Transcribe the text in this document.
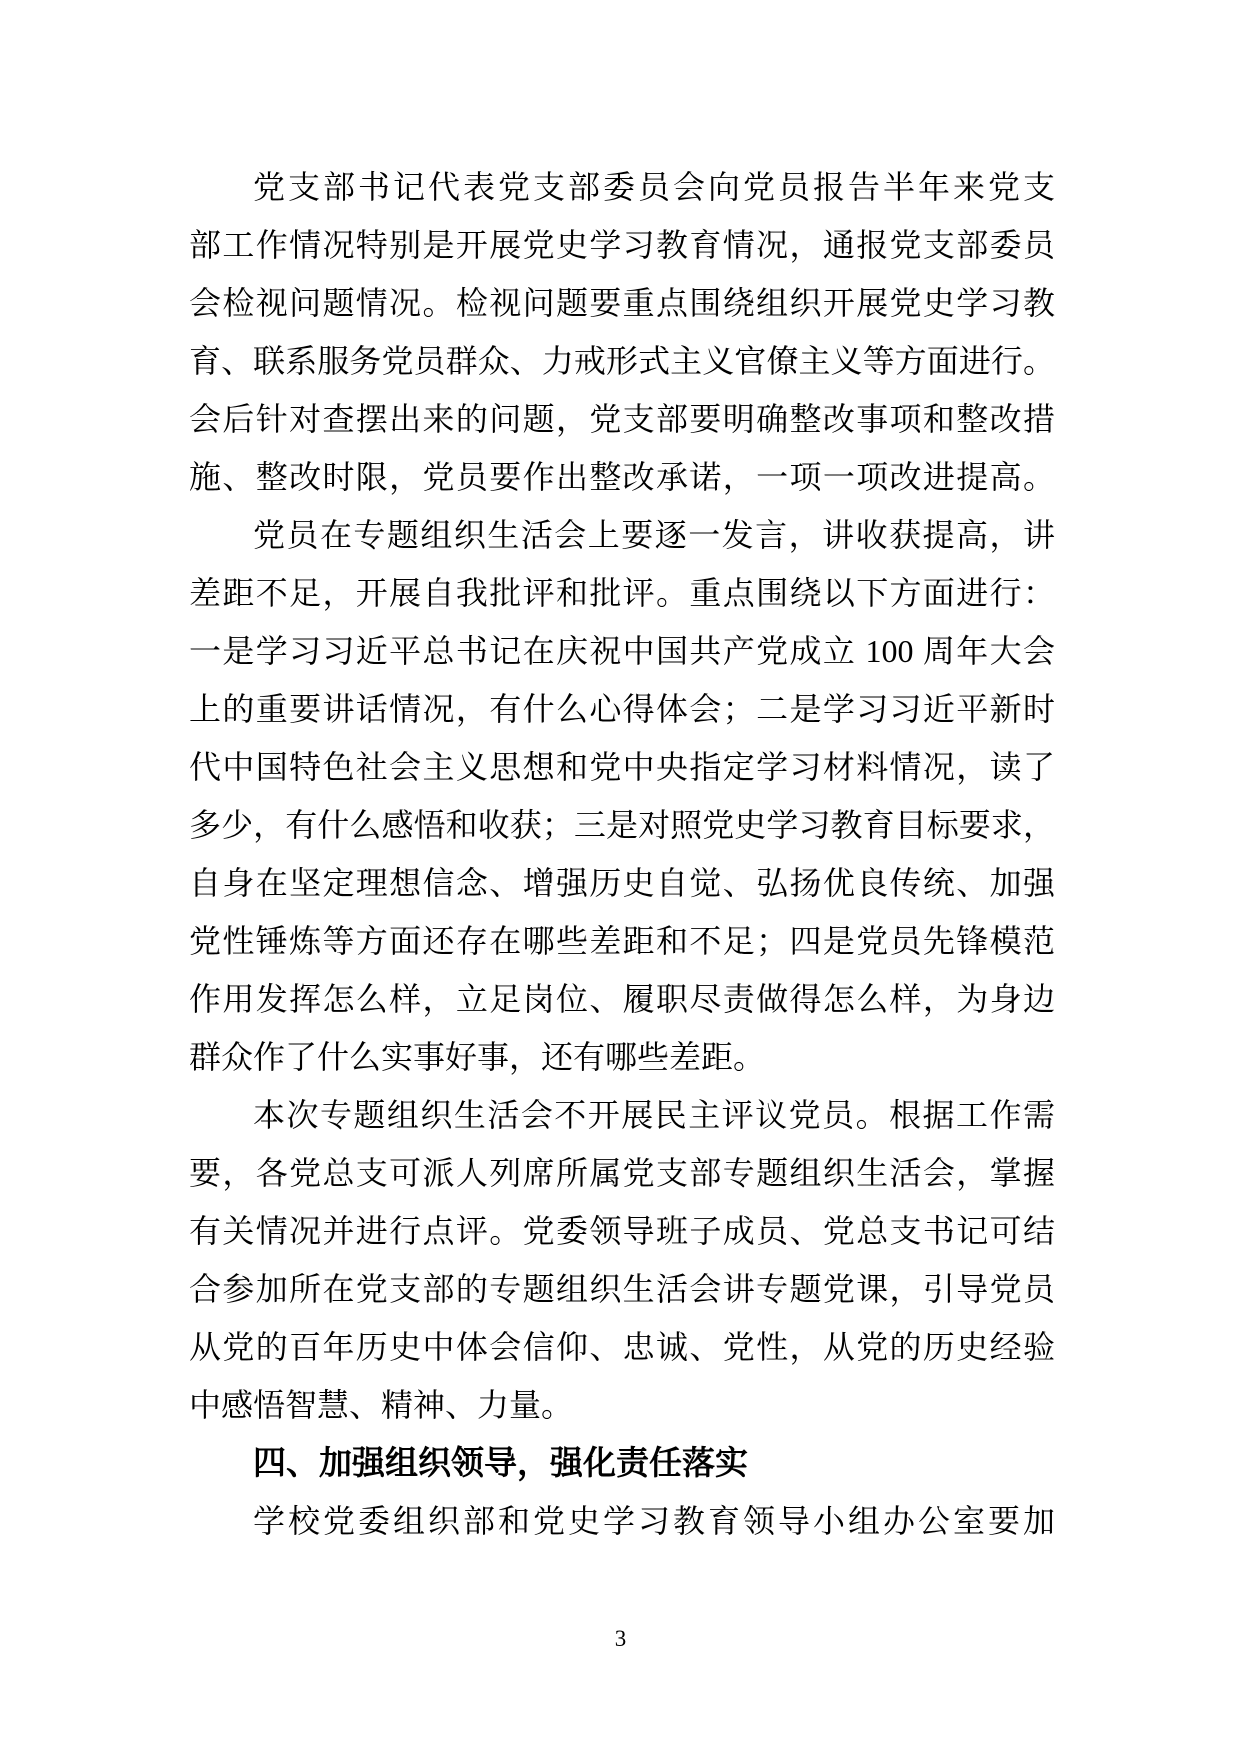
党支部书记代表党支部委员会向党员报告半年来党支
部工作情况特别是开展党史学习教育情况，通报党支部委员
会检视问题情况。检视问题要重点围绕组织开展党史学习教
育、联系服务党员群众、力戒形式主义官僚主义等方面进行。
会后针对查摆出来的问题，党支部要明确整改事项和整改措
施、整改时限，党员要作出整改承诺，一项一项改进提高。
党员在专题组织生活会上要逐一发言，讲收获提高，讲
差距不足，开展自我批评和批评。重点围绕以下方面进行：
一是学习习近平总书记在庆祝中国共产党成立 100 周年大会
上的重要讲话情况，有什么心得体会；二是学习习近平新时
代中国特色社会主义思想和党中央指定学习材料情况，读了
多少，有什么感悟和收获；三是对照党史学习教育目标要求，
自身在坚定理想信念、增强历史自觉、弘扬优良传统、加强
党性锤炼等方面还存在哪些差距和不足；四是党员先锋模范
作用发挥怎么样，立足岗位、履职尽责做得怎么样，为身边
群众作了什么实事好事，还有哪些差距。
本次专题组织生活会不开展民主评议党员。根据工作需
要，各党总支可派人列席所属党支部专题组织生活会，掌握
有关情况并进行点评。党委领导班子成员、党总支书记可结
合参加所在党支部的专题组织生活会讲专题党课，引导党员
从党的百年历史中体会信仰、忠诚、党性，从党的历史经验
中感悟智慧、精神、力量。
四、加强组织领导，强化责任落实
学校党委组织部和党史学习教育领导小组办公室要加
3
